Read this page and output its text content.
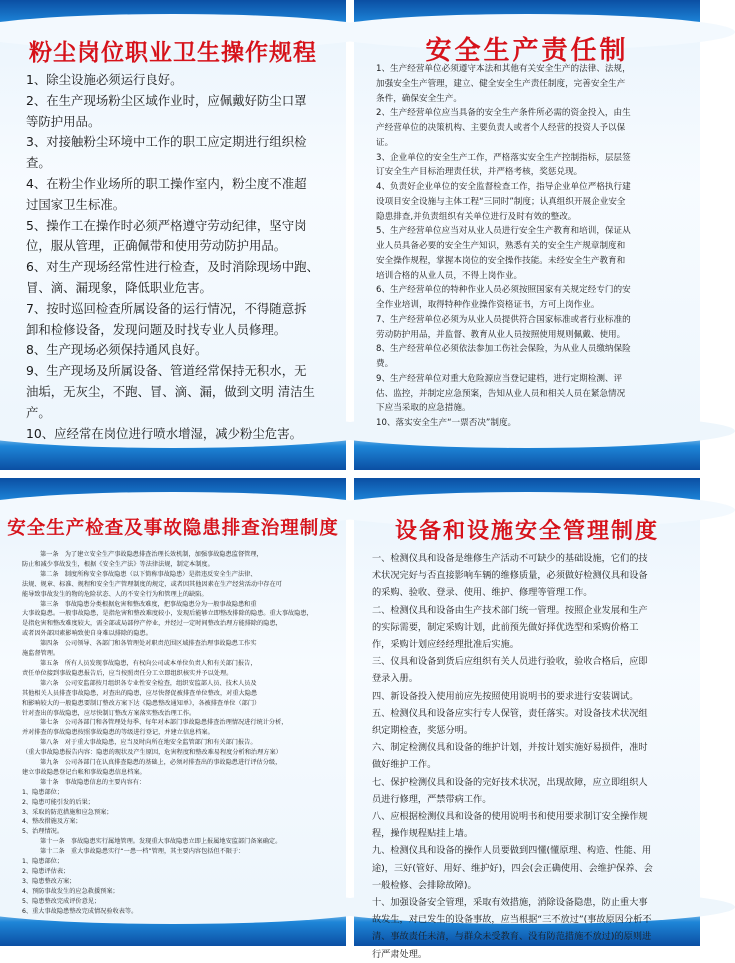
粉尘岗位职业卫生操作规程

1、除尘设施必须运行良好。

2、在生产现场粉尘区域作业时，应佩戴好防尘口罩

等防护用品。

3、对接触粉尘环境中工作的职工应定期进行组织检

查。

4、在粉尘作业场所的职工操作室内，粉尘度不准超

过国家卫生标准。

5、操作工在操作时必须严格遵守劳动纪律，坚守岗

位，服从管理，正确佩带和使用劳动防护用品。

6、对生产现场经常性进行检查，及时消除现场中跑、

冒、滴、漏现象，降低职业危害。

7、按时巡回检查所属设备的运行情况，不得随意拆

卸和检修设备，发现问题及时找专业人员修理。

8、生产现场必须保持通风良好。

9、生产现场及所属设备、管道经常保持无积水，无

油垢，无灰尘，不跑、冒、滴、漏，做到文明 清洁生产。

10、应经常在岗位进行喷水增湿，减少粉尘危害。

安全生产责任制

1、生产经营单位必须遵守本法和其他有关安全生产的法律、法规，

加强安全生产管理，建立、健全安全生产责任制度，完善安全生产

条件，确保安全生产。

2、生产经营单位应当具备的安全生产条件所必需的资金投入，由生

产经营单位的决策机构、主要负责人或者个人经营的投资人予以保

证。

3、企业单位的安全生产工作，严格落实安全生产控制指标，层层签

订安全生产目标治理责任状，并严格考核，奖惩兑现。

4、负责好企业单位的安全监督检查工作，指导企业单位严格执行建

设项目安全设施与主体工程“三同时”制度；认真组织开展企业安全

隐患排查,并负责组织有关单位进行及时有效的整改。

5、生产经营单位应当对从业人员进行安全生产教育和培训，保证从

业人员具备必要的安全生产知识，熟悉有关的安全生产规章制度和

安全操作规程，掌握本岗位的安全操作技能。未经安全生产教育和

培训合格的从业人员，不得上岗作业。

6、生产经营单位的特种作业人员必须按照国家有关规定经专门的安

全作业培训，取得特种作业操作资格证书，方可上岗作业。

7、生产经营单位必须为从业人员提供符合国家标准或者行业标准的

劳动防护用品，并监督、教育从业人员按照使用规则佩戴、使用。

8、生产经营单位必须依法参加工伤社会保险，为从业人员缴纳保险

费。

9、生产经营单位对重大危险源应当登记建档，进行定期检测、评

估、监控，并制定应急预案，告知从业人员和相关人员在紧急情况

下应当采取的应急措施。

10、落实安全生产“一票否决”制度。

安全生产检查及事故隐患排查治理制度

第一条　为了建立安全生产事故隐患排查治理长效机制，加强事故隐患监督管理，

防止和减少事故发生，根据《安全生产法》等法律法规，制定本制度。

第二条　制度所称安全事故隐患（以下简称事故隐患）是指违反安全生产法律、

法规、规章、标准、规程和安全生产管理制度的规定，或者因其他因素在生产经营活动中存在可

能导致事故发生的物的危险状态、人的不安全行为和管理上的缺陷。

第三条　事故隐患分类根据危害和整改难度，把事故隐患分为一般事故隐患和重

大事故隐患。一般事故隐患，是指危害和整改难度较小，发现后能够立即整改排除的隐患。重大事故隐患，

是指危害和整改难度较大，需全部或局部停产停业，并经过一定时间整改治理方能排除的隐患，

或者因外部因素影响致使自身难以排除的隐患。

第四条　公司领导、各部门和各管理处对职责范围区域排查治理事故隐患工作实

施监督管理。

第五条　所有人员发现事故隐患，有权向公司或本单位负责人和有关部门报告，

责任单位接到事故隐患报告后，应当按照责任分工立即组织核实并予以处理。

第六条　公司安监部按月组织各专业性安全检查，组织安监部人员、技术人员及

其他相关人员排查事故隐患，对查出的隐患，应尽快督促被排查单位整改，对重大隐患

和影响较大的一般隐患要制订整改方案下达《隐患整改通知单》，各被排查单位（部门）

针对查出的事故隐患，应尽快制订整改方案落实整改治理工作。

第七条　公司各部门和各管理处每季、每年对本部门事故隐患排查治理情况进行统计分析，

并对排查的事故隐患按照事故隐患的等级进行登记，并建立信息档案。

第八条　对于重大事故隐患，应当及时向所在地安全监管部门和有关部门报告。

（重大事故隐患报告内容：隐患的现状及产生原因，危害程度和整改难易程度分析和治理方案）

第九条　公司各部门在认真排查隐患的基础上，必须对排查出的事故隐患进行评估分级，

建立事故隐患登记台帐和事故隐患信息档案。

第十条　事故隐患信息的主要内容有：

1、隐患部位；

2、隐患可能引发的后果；

3、采取的防范措施和应急预案；

4、整改措施及方案；

5、治理情况。

第十一条　事故隐患实行属地管理。发现重大事故隐患立即上报属地安监部门备案确定。

第十二条　重大事故隐患实行“一患一档”管理，其主要内容包括但不限于：

1、隐患部位；

2、隐患评估表；

3、隐患整改方案；

4、预防事故发生的应急救援预案；

5、隐患整改完成评价意见；

6、重大事故隐患整改完成情况验收表等。

设备和设施安全管理制度

一、检测仪具和设备是维修生产活动不可缺少的基础设施，它们的技

术状况完好与否直接影响车辆的维修质量，必须做好检测仪具和设备

的采购、验收、登录、使用、维护、修理等管理工作。

二、检测仪具和设备由生产技术部门统一管理。按照企业发展和生产

的实际需要，制定采购计划，此前预先做好择优选型和采购价格工

作，采购计划应经经理批准后实施。

三、仪具和设备到货后应组织有关人员进行验收，验收合格后，应即

登录入册。

四、新设备投入使用前应先按照使用说明书的要求进行安装调试。

五、检测仪具和设备应实行专人保管，责任落实。对设备技术状况组

织定期检查，奖惩分明。

六、制定检测仪具和设备的维护计划，并按计划实施好易损件，准时

做好维护工作。

七、保护检测仪具和设备的完好技术状况，出现故障，应立即组织人

员进行修理，严禁带病工作。

八、应根据检测仪具和设备的使用说明书和使用要求制订安全操作规

程，操作规程贴挂上墙。

九、检测仪具和设备的操作人员要做到四懂(懂原理、构造、性能、用

途)，三好(管好、用好、维护好)，四会(会正确使用、会维护保养、会

一般检修、会排除故障)。

十、加强设备安全管理，采取有效措施，消除设备隐患，防止重大事

故发生，对已发生的设备事故，应当根据“三不放过”(事故原因分析不

清、事故责任未清，与群众未受教育、没有防范措施不放过)的原则进

行严肃处理。
